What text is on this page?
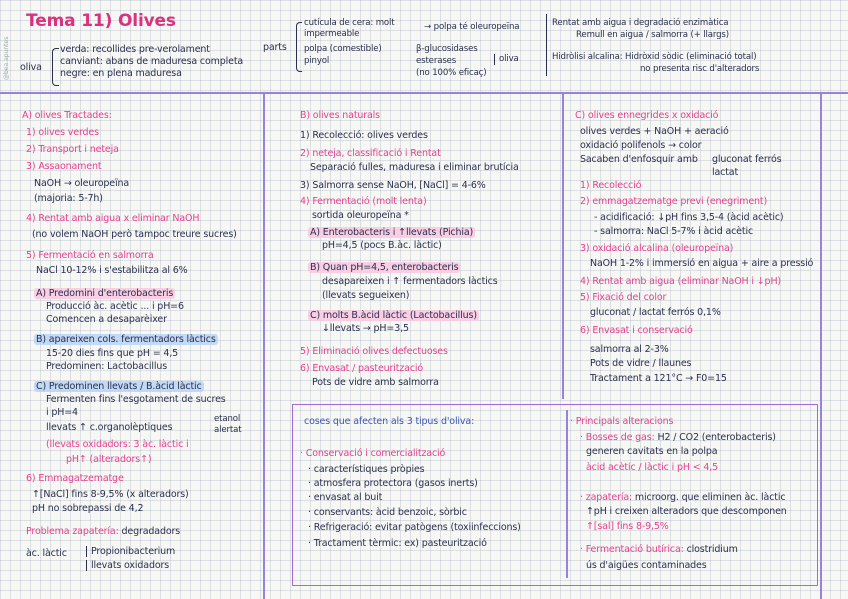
@bea.apuntes
Tema 11) Olives
oliva
verda: recollides pre-verolament
canviant: abans de maduresa completa
negre: en plena maduresa
parts
cutícula de cera: molt impermeable
polpa (comestible)
pinyol
→ polpa té oleuropeïna
β-glucosidases
esterases
(no 100% eficaç)
oliva
Rentat amb aigua i degradació enzimàtica
Remull en aigua / salmorra (+ llargs)
Hidròlisi alcalina: Hidròxid sòdic (eliminació total)
no presenta risc d'alteradors
A) olives Tractades:
1) olives verdes
2) Transport i neteja
3) Assaonament
NaOH → oleuropeïna
(majoria: 5-7h)
4) Rentat amb aigua x eliminar NaOH
(no volem NaOH però tampoc treure sucres)
5) Fermentació en salmorra
NaCl 10-12% i s'estabilitza al 6%
A) Predomini d'enterobacteris
Producció àc. acètic ... i pH=6
Comencen a desaparèixer
B) apareixen cols. fermentadors làctics
15-20 dies fins que pH = 4,5
Predominen: Lactobacillus
C) Predominen llevats / B.àcid làctic
Fermenten fins l'esgotament de sucres
i pH=4
llevats ↑ c.organolèptiques
etanol
alertat
(llevats oxidadors: 3 àc. làctic i
pH↑ (alteradors↑)
6) Emmagatzematge
↑[NaCl] fins 8-9,5% (x alteradors)
pH no sobrepassi de 4,2
Problema zapatería: degradadors
àc. làctic	Propionibacterium
llevats oxidadors
B) olives naturals
1) Recolecció: olives verdes
2) neteja, classificació i Rentat
Separació fulles, maduresa i eliminar brutícia
3) Salmorra sense NaOH, [NaCl] = 4-6%
4) Fermentació (molt lenta)
sortida oleuropeïna *
A) Enterobacteris i ↑llevats (Pichia)
pH=4,5 (pocs B.àc. làctic)
B) Quan pH=4,5, enterobacteris
desapareixen i ↑ fermentadors làctics
(llevats segueixen)
C) molts B.àcid làctic (Lactobacillus)
↓llevats → pH=3,5
5) Eliminació olives defectuoses
6) Envasat / pasteurització
Pots de vidre amb salmorra
C) olives ennegrides x oxidació
olives verdes + NaOH + aeració
oxidació polifenols → color
Sacaben d'enfosquir amb gluconat ferrós
lactat
1) Recolecció
2) emmagatzematge previ (enegriment)
- acidificació: ↓pH fins 3,5-4 (àcid acètic)
- salmorra: NaCl 5-7% i àcid acètic
3) oxidació alcalina (oleuropeïna)
NaOH 1-2% i immersió en aigua + aire a pressió
4) Rentat amb aigua (eliminar NaOH i ↓pH)
5) Fixació del color
gluconat / lactat ferrós 0,1%
6) Envasat i conservació
salmorra al 2-3%
Pots de vidre / llaunes
Tractament a 121°C → F0=15
coses que afecten als 3 tipus d'oliva:
· Conservació i comercialització
· característiques pròpies
· atmosfera protectora (gasos inerts)
· envasat al buit
· conservants: àcid benzoic, sòrbic
· Refrigeració: evitar patògens (toxiinfeccions)
· Tractament tèrmic: ex) pasteurització
· Principals alteracions
· Bosses de gas: H2 / CO2 (enterobacteris)
generen cavitats en la polpa
àcid acètic / làctic i pH < 4,5
· zapatería: microorg. que eliminen àc. làctic
↑pH i creixen alteradors que descomponen
↑[sal] fins 8-9,5%
· Fermentació butírica: clostridium
ús d'aigües contaminades
